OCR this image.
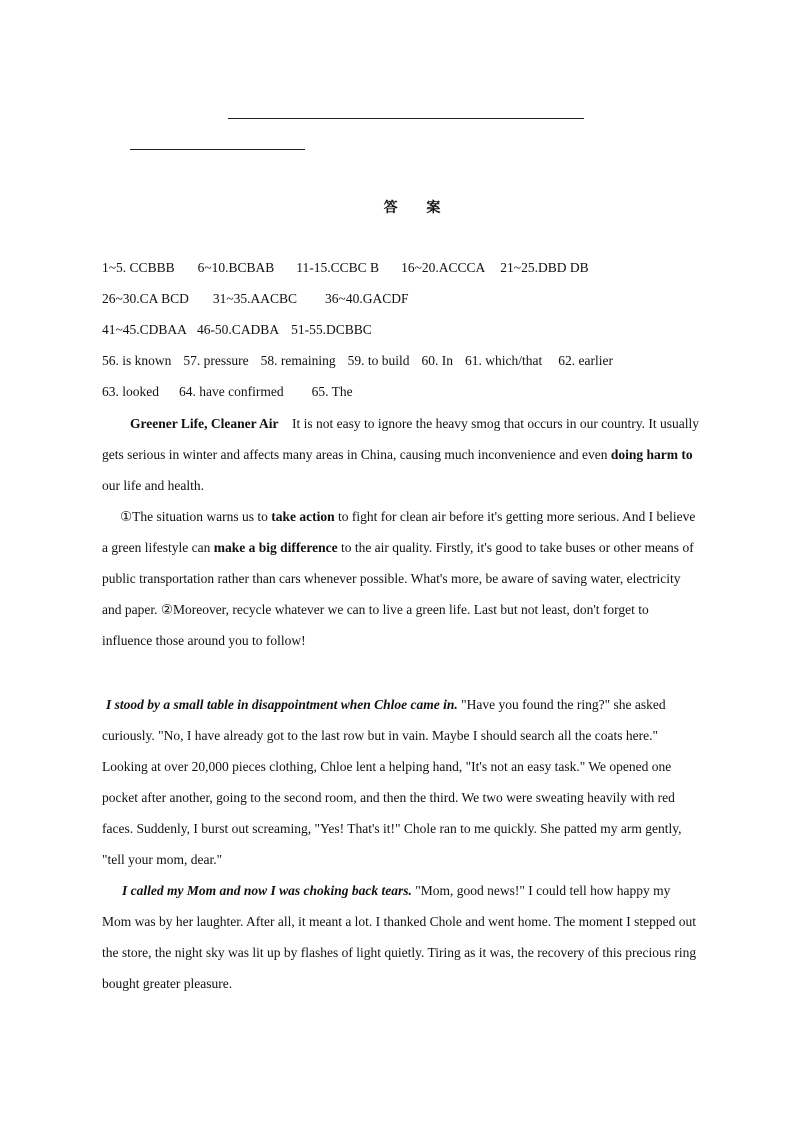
答 案
1~5. CCBBB 6~10.BCBAB 11-15.CCBC B 16~20.ACCCA 21~25.DBD DB
26~30.CA BCD 31~35.AACBC 36~40.GACDF
41~45.CDBAA 46-50.CADBA 51-55.DCBBC
56. is known 57. pressure 58. remaining 59. to build 60. In 61. which/that 62. earlier
63. looked 64. have confirmed 65. The

Greener Life, Cleaner Air It is not easy to ignore the heavy smog that occurs in our country. It usually gets serious in winter and affects many areas in China, causing much inconvenience and even doing harm to our life and health.

①The situation warns us to take action to fight for clean air before it's getting more serious. And I believe a green lifestyle can make a big difference to the air quality. Firstly, it's good to take buses or other means of public transportation rather than cars whenever possible. What's more, be aware of saving water, electricity and paper. ②Moreover, recycle whatever we can to live a green life. Last but not least, don't forget to influence those around you to follow!

I stood by a small table in disappointment when Chloe came in. "Have you found the ring?" she asked curiously. "No, I have already got to the last row but in vain. Maybe I should search all the coats here." Looking at over 20,000 pieces clothing, Chloe lent a helping hand, "It's not an easy task." We opened one pocket after another, going to the second room, and then the third. We two were sweating heavily with red faces. Suddenly, I burst out screaming, "Yes! That's it!" Chole ran to me quickly. She patted my arm gently, "tell your mom, dear."

I called my Mom and now I was choking back tears. "Mom, good news!" I could tell how happy my Mom was by her laughter. After all, it meant a lot. I thanked Chole and went home. The moment I stepped out the store, the night sky was lit up by flashes of light quietly. Tiring as it was, the recovery of this precious ring bought greater pleasure.
